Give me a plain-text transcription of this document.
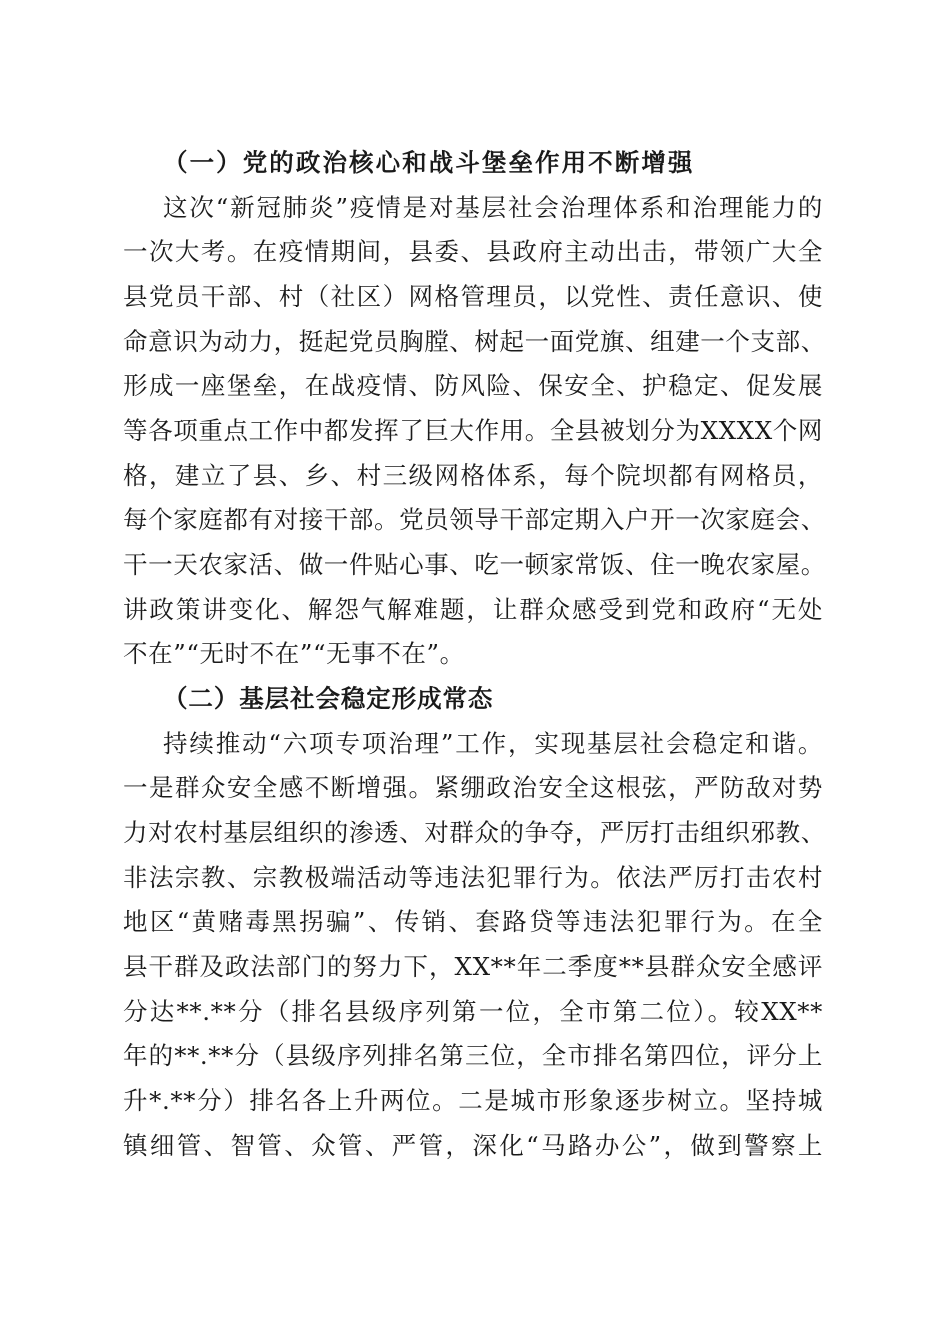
（一）党的政治核心和战斗堡垒作用不断增强
这次“新冠肺炎”疫情是对基层社会治理体系和治理能力的
一次大考。在疫情期间，县委、县政府主动出击，带领广大全
县党员干部、村（社区）网格管理员，以党性、责任意识、使
命意识为动力，挺起党员胸膛、树起一面党旗、组建一个支部、
形成一座堡垒，在战疫情、防风险、保安全、护稳定、促发展
等各项重点工作中都发挥了巨大作用。全县被划分为XXXX个网
格，建立了县、乡、村三级网格体系，每个院坝都有网格员，
每个家庭都有对接干部。党员领导干部定期入户开一次家庭会、
干一天农家活、做一件贴心事、吃一顿家常饭、住一晚农家屋。
讲政策讲变化、解怨气解难题，让群众感受到党和政府“无处
不在”“无时不在”“无事不在”。
（二）基层社会稳定形成常态
持续推动“六项专项治理”工作，实现基层社会稳定和谐。
一是群众安全感不断增强。紧绷政治安全这根弦，严防敌对势
力对农村基层组织的渗透、对群众的争夺，严厉打击组织邪教、
非法宗教、宗教极端活动等违法犯罪行为。依法严厉打击农村
地区“黄赌毒黑拐骗”、传销、套路贷等违法犯罪行为。在全
县干群及政法部门的努力下，XX**年二季度**县群众安全感评
分达**.**分（排名县级序列第一位，全市第二位）。较XX**
年的**.**分（县级序列排名第三位，全市排名第四位，评分上
升*.**分）排名各上升两位。二是城市形象逐步树立。坚持城
镇细管、智管、众管、严管，深化“马路办公”，做到警察上
